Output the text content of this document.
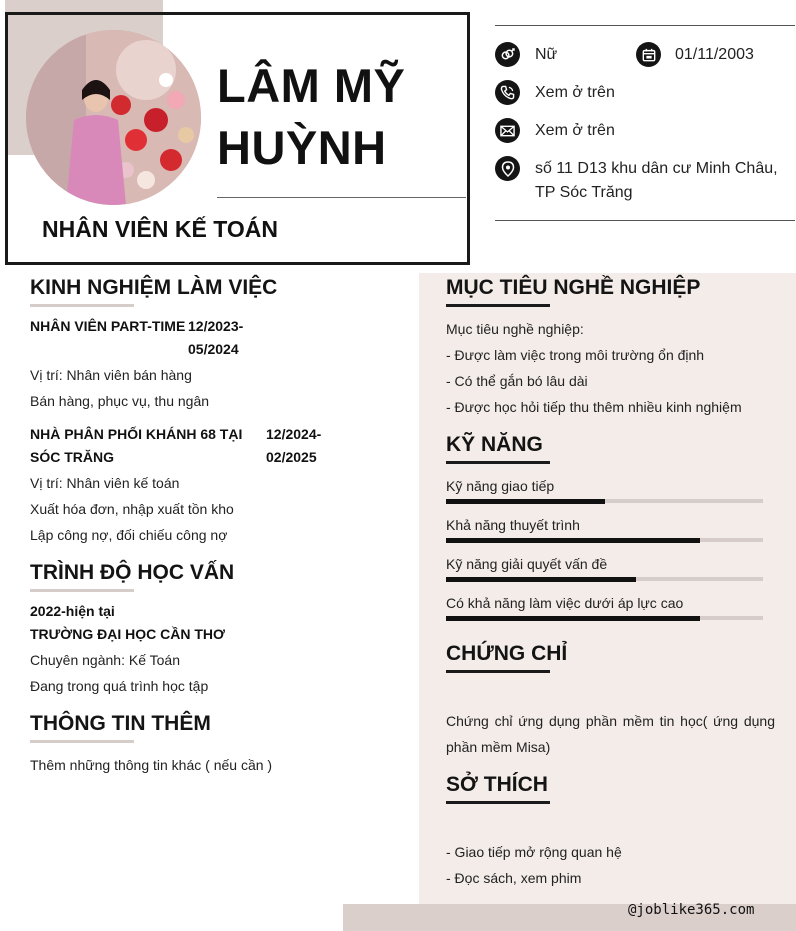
LÂM MỸ
HUỲNH
NHÂN VIÊN KẾ TOÁN
Nữ	01/11/2003
Xem ở trên
Xem ở trên
số 11 D13 khu dân cư Minh Châu,
TP Sóc Trăng
KINH NGHIỆM LÀM VIỆC
NHÂN VIÊN PART-TIME 12/2023-
05/2024
Vị trí: Nhân viên bán hàng
Bán hàng, phục vụ, thu ngân
NHÀ PHÂN PHỐI KHÁNH 68 TẠI
SÓC TRĂNG
12/2024-
02/2025
Vị trí: Nhân viên kế toán
Xuất hóa đơn, nhập xuất tồn kho
Lập công nợ, đối chiếu công nợ
TRÌNH ĐỘ HỌC VẤN
2022-hiện tại
TRƯỜNG ĐẠI HỌC CẦN THƠ
Chuyên ngành: Kế Toán
Đang trong quá trình học tập
THÔNG TIN THÊM
Thêm những thông tin khác ( nếu cần )
MỤC TIÊU NGHỀ NGHIỆP
Mục tiêu nghề nghiệp:
- Được làm việc trong môi trường ổn định
- Có thể gắn bó lâu dài
- Được học hỏi tiếp thu thêm nhiều kinh nghiệm
KỸ NĂNG
Kỹ năng giao tiếp
Khả năng thuyết trình
Kỹ năng giải quyết vấn đề
Có khả năng làm việc dưới áp lực cao
CHỨNG CHỈ
Chứng chỉ ứng dụng phần mềm tin học( ứng dụng
phần mềm Misa)
SỞ THÍCH
- Giao tiếp mở rộng quan hệ
- Đọc sách, xem phim
@joblike365.com
